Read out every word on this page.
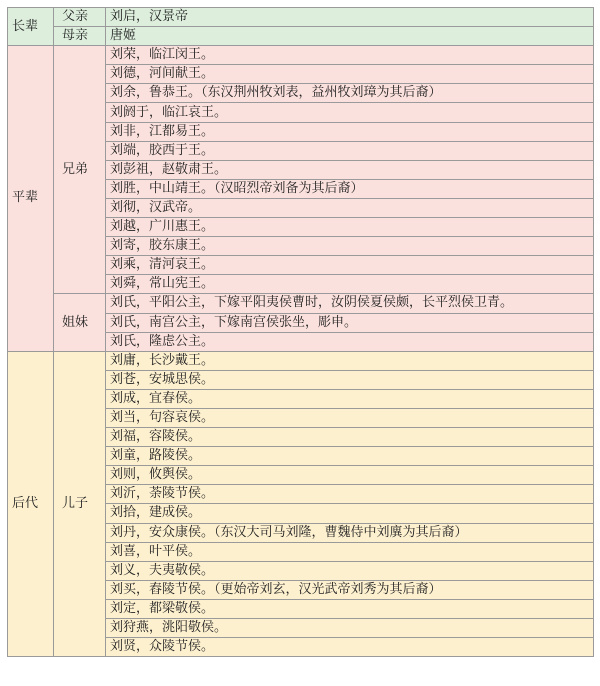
长辈	父亲	刘启，汉景帝
	母亲	唐姬
平辈	兄弟	刘荣，临江闵王。
		刘德，河间献王。
		刘余，鲁恭王。（东汉荆州牧刘表，益州牧刘璋为其后裔）
		刘阏于，临江哀王。
		刘非，江都易王。
		刘端，胶西于王。
		刘彭祖，赵敬肃王。
		刘胜，中山靖王。（汉昭烈帝刘备为其后裔）
		刘彻，汉武帝。
		刘越，广川惠王。
		刘寄，胶东康王。
		刘乘，清河哀王。
		刘舜，常山宪王。
	姐妹	刘氏，平阳公主，下嫁平阳夷侯曹时，汝阴侯夏侯颇，长平烈侯卫青。
		刘氏，南宫公主，下嫁南宫侯张坐，彫申。
		刘氏，隆虑公主。
后代	儿子	刘庸，长沙戴王。
		刘苍，安城思侯。
		刘成，宜春侯。
		刘当，句容哀侯。
		刘福，容陵侯。
		刘童，路陵侯。
		刘则，攸舆侯。
		刘沂，荼陵节侯。
		刘拾，建成侯。
		刘丹，安众康侯。（东汉大司马刘隆，曹魏侍中刘廙为其后裔）
		刘喜，叶平侯。
		刘义，夫夷敬侯。
		刘买，舂陵节侯。（更始帝刘玄，汉光武帝刘秀为其后裔）
		刘定，都梁敬侯。
		刘狩燕，洮阳敬侯。
		刘贤，众陵节侯。
